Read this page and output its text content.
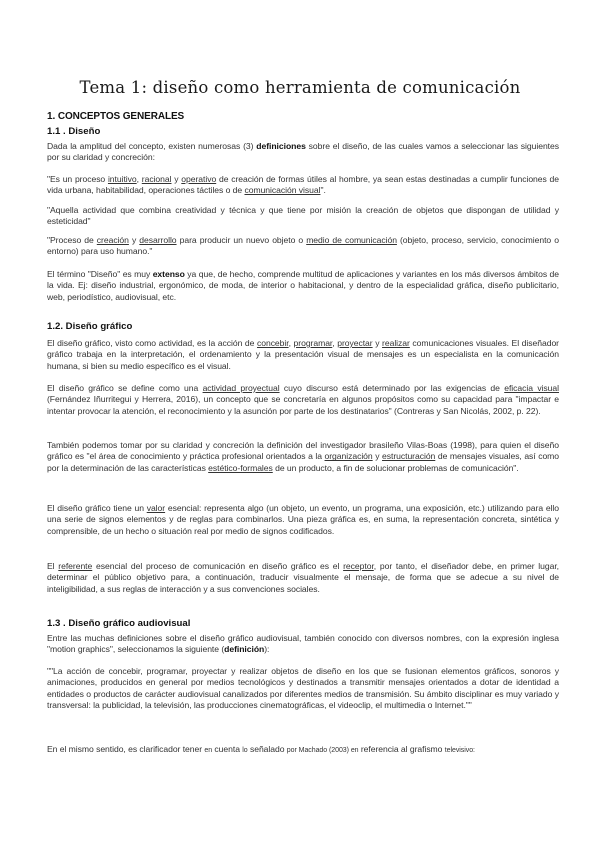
Tema 1: diseño como herramienta de comunicación
1. CONCEPTOS GENERALES
1.1 . Diseño
Dada la amplitud del concepto, existen numerosas (3) definiciones sobre el diseño, de las cuales vamos a seleccionar las siguientes por su claridad y concreción:
"Es un proceso intuitivo, racional y operativo de creación de formas útiles al hombre, ya sean estas destinadas a cumplir funciones de vida urbana, habitabilidad, operaciones táctiles o de comunicación visual".
"Aquella actividad que combina creatividad y técnica y que tiene por misión la creación de objetos que dispongan de utilidad y esteticidad"
"Proceso de creación y desarrollo para producir un nuevo objeto o medio de comunicación (objeto, proceso, servicio, conocimiento o entorno) para uso humano."
El término "Diseño" es muy extenso ya que, de hecho, comprende multitud de aplicaciones y variantes en los más diversos ámbitos de la vida. Ej: diseño industrial, ergonómico, de moda, de interior o habitacional, y dentro de la especialidad gráfica, diseño publicitario, web, periodístico, audiovisual, etc.
1.2. Diseño gráfico
El diseño gráfico, visto como actividad, es la acción de concebir, programar, proyectar y realizar comunicaciones visuales. El diseñador gráfico trabaja en la interpretación, el ordenamiento y la presentación visual de mensajes es un especialista en la comunicación humana, si bien su medio específico es el visual.
El diseño gráfico se define como una actividad proyectual cuyo discurso está determinado por las exigencias de eficacia visual (Fernández Iñurritegui y Herrera, 2016), un concepto que se concretaría en algunos propósitos como su capacidad para "impactar e intentar provocar la atención, el reconocimiento y la asunción por parte de los destinatarios" (Contreras y San Nicolás, 2002, p. 22).
También podemos tomar por su claridad y concreción la definición del investigador brasileño Vilas-Boas (1998), para quien el diseño gráfico es "el área de conocimiento y práctica profesional orientados a la organización y estructuración de mensajes visuales, así como por la determinación de las características estético-formales de un producto, a fin de solucionar problemas de comunicación".
El diseño gráfico tiene un valor esencial: representa algo (un objeto, un evento, un programa, una exposición, etc.) utilizando para ello una serie de signos elementos y de reglas para combinarlos. Una pieza gráfica es, en suma, la representación concreta, sintética y comprensible, de un hecho o situación real por medio de signos codificados.
El referente esencial del proceso de comunicación en diseño gráfico es el receptor, por tanto, el diseñador debe, en primer lugar, determinar el público objetivo para, a continuación, traducir visualmente el mensaje, de forma que se adecue a su nivel de inteligibilidad, a sus reglas de interacción y a sus convenciones sociales.
1.3 . Diseño gráfico audiovisual
Entre las muchas definiciones sobre el diseño gráfico audiovisual, también conocido con diversos nombres, con la expresión inglesa "motion graphics", seleccionamos la siguiente (definición):
""La acción de concebir, programar, proyectar y realizar objetos de diseño en los que se fusionan elementos gráficos, sonoros y animaciones, producidos en general por medios tecnológicos y destinados a transmitir mensajes orientados a dotar de identidad a entidades o productos de carácter audiovisual canalizados por diferentes medios de transmisión. Su ámbito disciplinar es muy variado y transversal: la publicidad, la televisión, las producciones cinematográficas, el videoclip, el multimedia o Internet.""
En el mismo sentido, es clarificador tener en cuenta lo señalado por Machado (2003) en referencia al grafismo televisivo:
